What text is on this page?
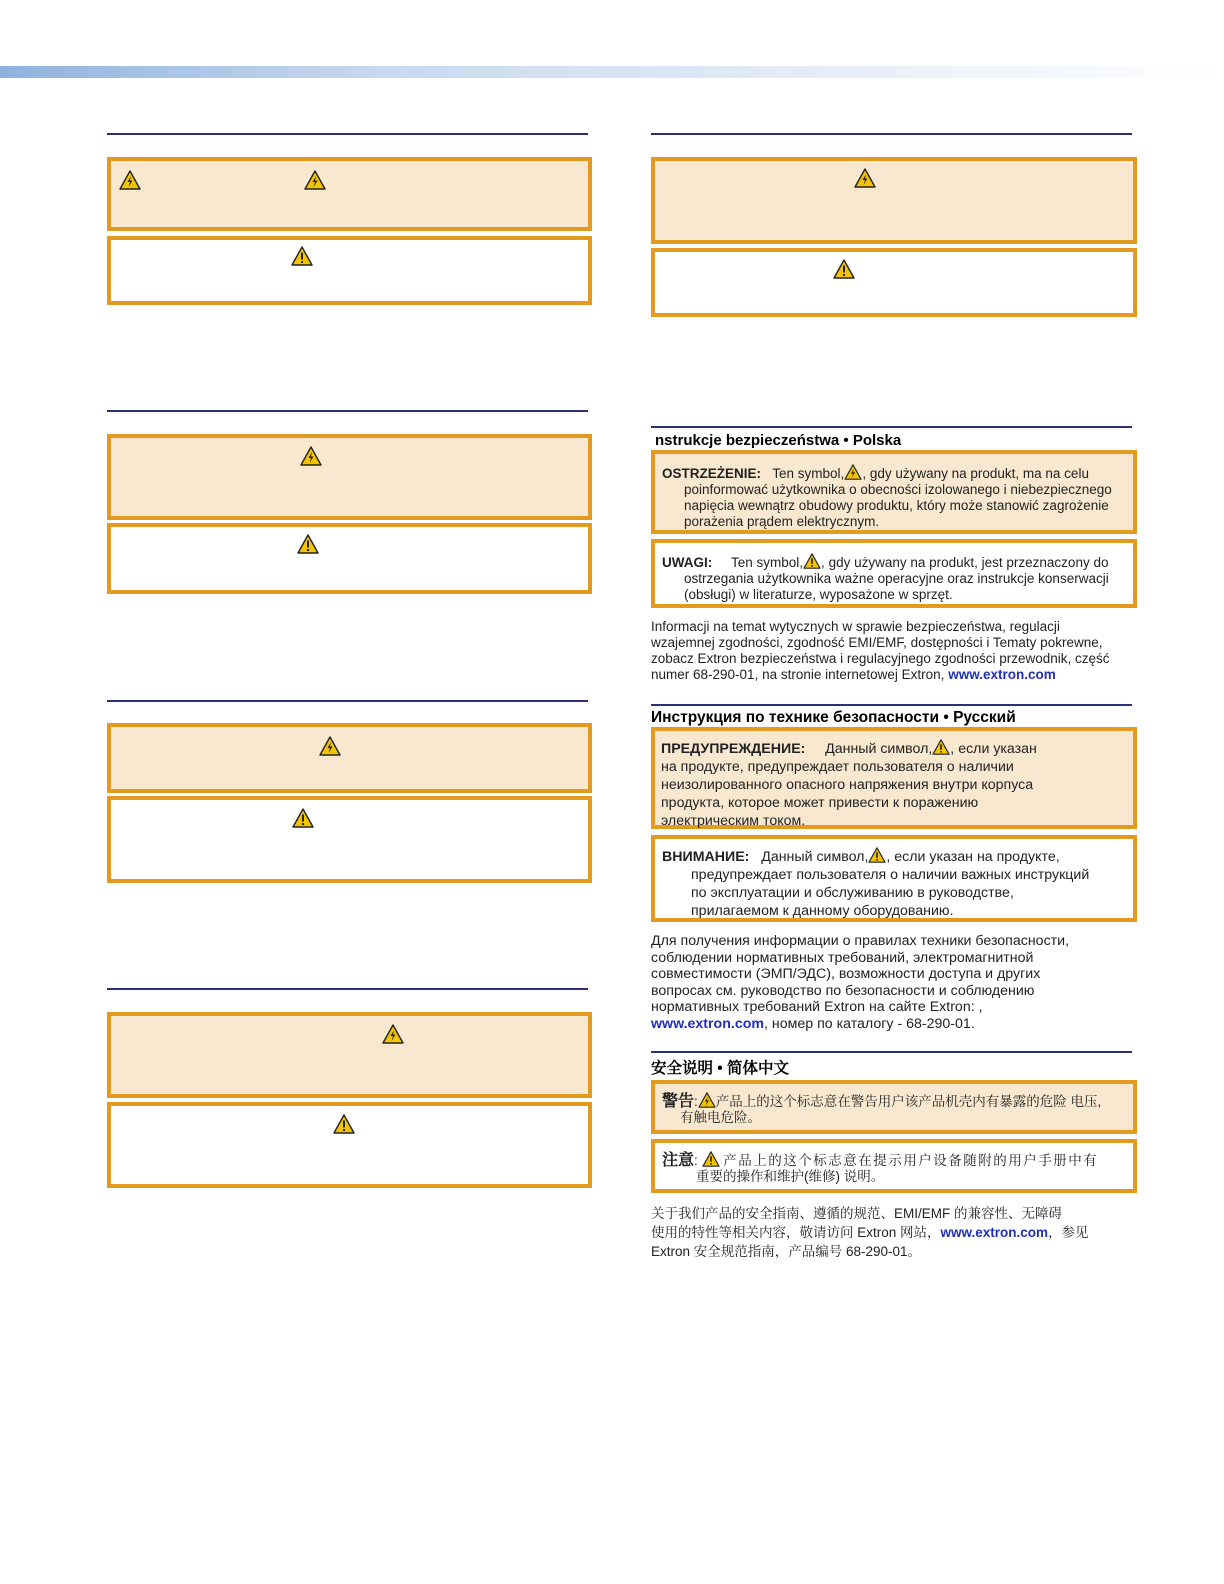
nstrukcje bezpieczeństwa • Polska
OSTRZEŻENIE: Ten symbol, , gdy używany na produkt, ma na celu
poinformować użytkownika o obecności izolowanego i niebezpiecznego
napięcia wewnątrz obudowy produktu, który może stanowić zagrożenie
porażenia prądem elektrycznym.
UWAGI: Ten symbol, , gdy używany na produkt, jest przeznaczony do
ostrzegania użytkownika ważne operacyjne oraz instrukcje konserwacji
(obsługi) w literaturze, wyposażone w sprzęt.
Informacji na temat wytycznych w sprawie bezpieczeństwa, regulacji
wzajemnej zgodności, zgodność EMI/EMF, dostępności i Tematy pokrewne,
zobacz Extron bezpieczeństwa i regulacyjnego zgodności przewodnik, część
numer 68-290-01, na stronie internetowej Extron, www.extron.com
Инструкция по технике безопасности • Русский
ПРЕДУПРЕЖДЕНИЕ: Данный символ, , если указан
на продукте, предупреждает пользователя о наличии
неизолированного опасного напряжения внутри корпуса
продукта, которое может привести к поражению
электрическим током.
ВНИМАНИЕ: Данный символ, , если указан на продукте,
предупреждает пользователя о наличии важных инструкций
по эксплуатации и обслуживанию в руководстве,
прилагаемом к данному оборудованию.
Для получения информации о правилах техники безопасности,
соблюдении нормативных требований, электромагнитной
совместимости (ЭМП/ЭДС), возможности доступа и других
вопросах см. руководство по безопасности и соблюдению
нормативных требований Extron на сайте Extron: ,
www.extron.com, номер по каталогу - 68-290-01.
安全说明 • 简体中文
警告: 产品上的这个标志意在警告用户该产品机壳内有暴露的危险 电压,
有触电危险。
注意:  产品上的这个标志意在提示用户设备随附的用户手册中有
重要的操作和维护(维修) 说明。
关于我们产品的安全指南、遵循的规范、EMI/EMF 的兼容性、无障碍
使用的特性等相关内容，敬请访问 Extron 网站，www.extron.com，参见
Extron 安全规范指南，产品编号 68-290-01。
